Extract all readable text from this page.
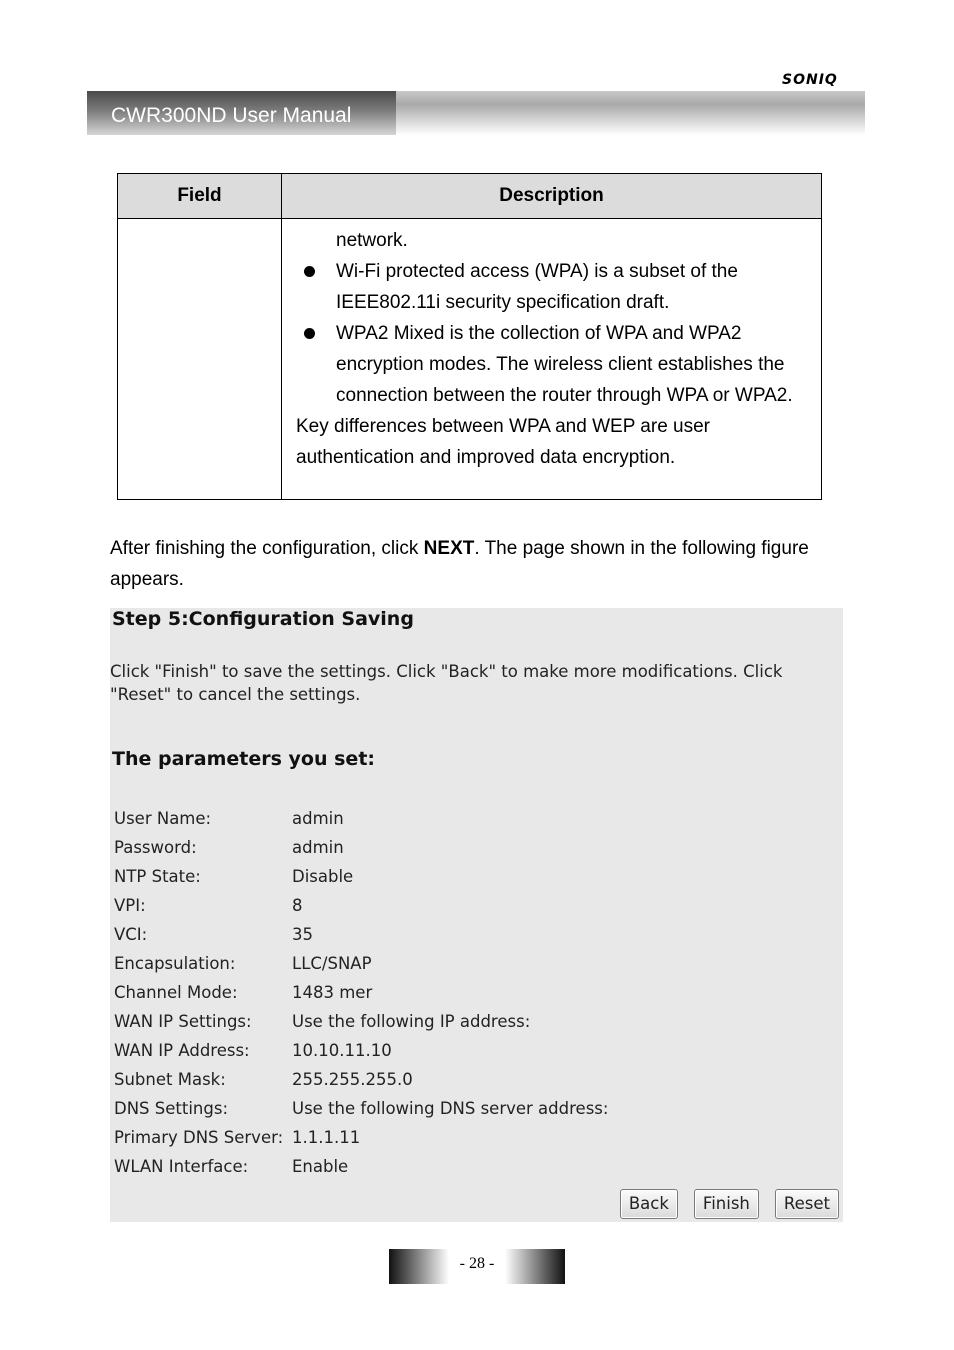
SONIQ
CWR300ND User Manual
Field	Description

	network.
Wi-Fi protected access (WPA) is a subset of the IEEE802.11i security specification draft.
WPA2 Mixed is the collection of WPA and WPA2 encryption modes. The wireless client establishes the connection between the router through WPA or WPA2.
Key differences between WPA and WEP are user authentication and improved data encryption.
After finishing the configuration, click NEXT. The page shown in the following figure appears.
Step 5:Configuration Saving
Click "Finish" to save the settings. Click "Back" to make more modifications. Click "Reset" to cancel the settings.
The parameters you set:
User Name:	admin
Password:	admin
NTP State:	Disable
VPI:	8
VCI:	35
Encapsulation:	LLC/SNAP
Channel Mode:	1483 mer
WAN IP Settings:	Use the following IP address:
WAN IP Address:	10.10.11.10
Subnet Mask:	255.255.255.0
DNS Settings:	Use the following DNS server address:
Primary DNS Server: 1.1.1.11
WLAN Interface:	Enable
Back	Finish	Reset
- 28 -
